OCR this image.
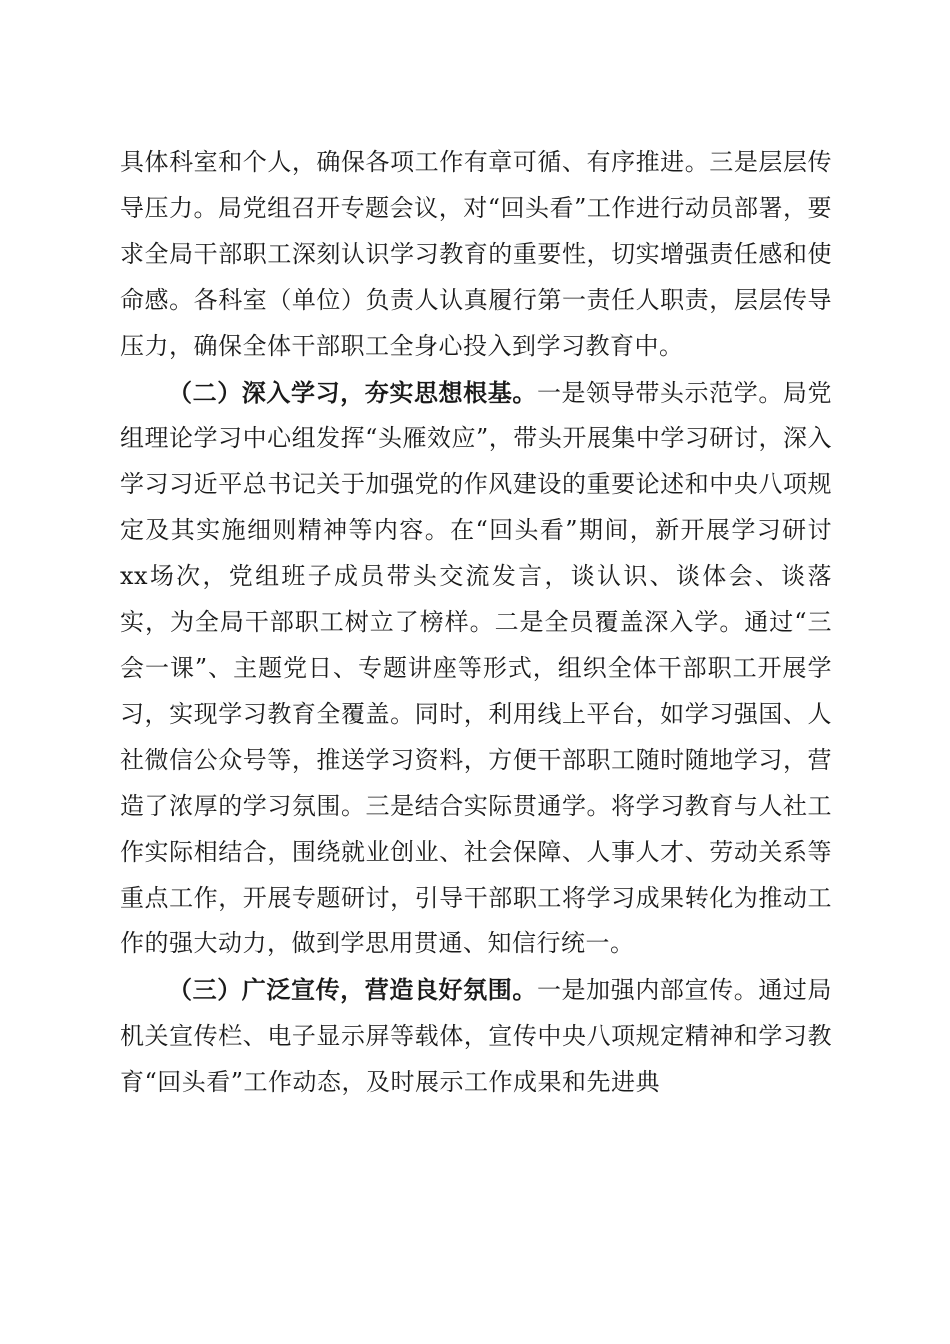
具体科室和个人，确保各项工作有章可循、有序推进。三是层层传导压力。局党组召开专题会议，对“回头看”工作进行动员部署，要求全局干部职工深刻认识学习教育的重要性，切实增强责任感和使命感。各科室（单位）负责人认真履行第一责任人职责，层层传导压力，确保全体干部职工全身心投入到学习教育中。

（二）深入学习，夯实思想根基。一是领导带头示范学。局党组理论学习中心组发挥“头雁效应”，带头开展集中学习研讨，深入学习习近平总书记关于加强党的作风建设的重要论述和中央八项规定及其实施细则精神等内容。在“回头看”期间，新开展学习研讨xx场次，党组班子成员带头交流发言，谈认识、谈体会、谈落实，为全局干部职工树立了榜样。二是全员覆盖深入学。通过“三会一课”、主题党日、专题讲座等形式，组织全体干部职工开展学习，实现学习教育全覆盖。同时，利用线上平台，如学习强国、人社微信公众号等，推送学习资料，方便干部职工随时随地学习，营造了浓厚的学习氛围。三是结合实际贯通学。将学习教育与人社工作实际相结合，围绕就业创业、社会保障、人事人才、劳动关系等重点工作，开展专题研讨，引导干部职工将学习成果转化为推动工作的强大动力，做到学思用贯通、知信行统一。

（三）广泛宣传，营造良好氛围。一是加强内部宣传。通过局机关宣传栏、电子显示屏等载体，宣传中央八项规定精神和学习教育“回头看”工作动态，及时展示工作成果和先进典
